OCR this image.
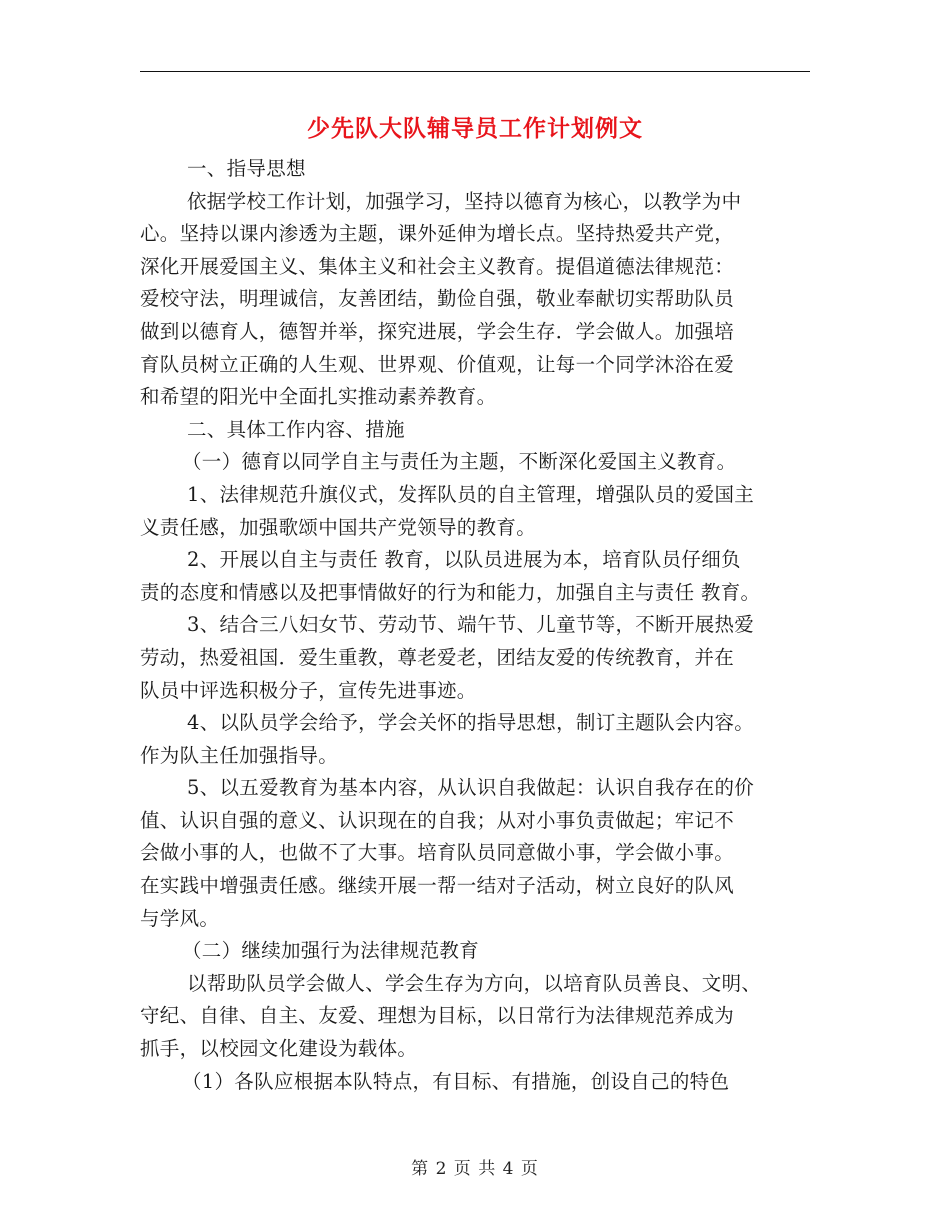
少先队大队辅导员工作计划例文
一、指导思想
依据学校工作计划，加强学习，坚持以德育为核心，以教学为中
心。坚持以课内渗透为主题，课外延伸为增长点。坚持热爱共产党，
深化开展爱国主义、集体主义和社会主义教育。提倡道德法律规范：
爱校守法，明理诚信，友善团结，勤俭自强，敬业奉献切实帮助队员
做到以德育人，德智并举，探究进展，学会生存．学会做人。加强培
育队员树立正确的人生观、世界观、价值观，让每一个同学沐浴在爱
和希望的阳光中全面扎实推动素养教育。
二、具体工作内容、措施
（一）德育以同学自主与责任为主题，不断深化爱国主义教育。
1、法律规范升旗仪式，发挥队员的自主管理，增强队员的爱国主
义责任感，加强歌颂中国共产党领导的教育。
2、开展以自主与责任 教育，以队员进展为本，培育队员仔细负
责的态度和情感以及把事情做好的行为和能力，加强自主与责任 教育。
3、结合三八妇女节、劳动节、端午节、儿童节等，不断开展热爱
劳动，热爱祖国．爱生重教，尊老爱老，团结友爱的传统教育，并在
队员中评选积极分子，宣传先进事迹。
4、以队员学会给予，学会关怀的指导思想，制订主题队会内容。
作为队主任加强指导。
5、以五爱教育为基本内容，从认识自我做起：认识自我存在的价
值、认识自强的意义、认识现在的自我；从对小事负责做起；牢记不
会做小事的人，也做不了大事。培育队员同意做小事，学会做小事。
在实践中增强责任感。继续开展一帮一结对子活动，树立良好的队风
与学风。
（二）继续加强行为法律规范教育
以帮助队员学会做人、学会生存为方向，以培育队员善良、文明、
守纪、自律、自主、友爱、理想为目标，以日常行为法律规范养成为
抓手，以校园文化建设为载体。
（1）各队应根据本队特点，有目标、有措施，创设自己的特色
第 2 页 共 4 页
